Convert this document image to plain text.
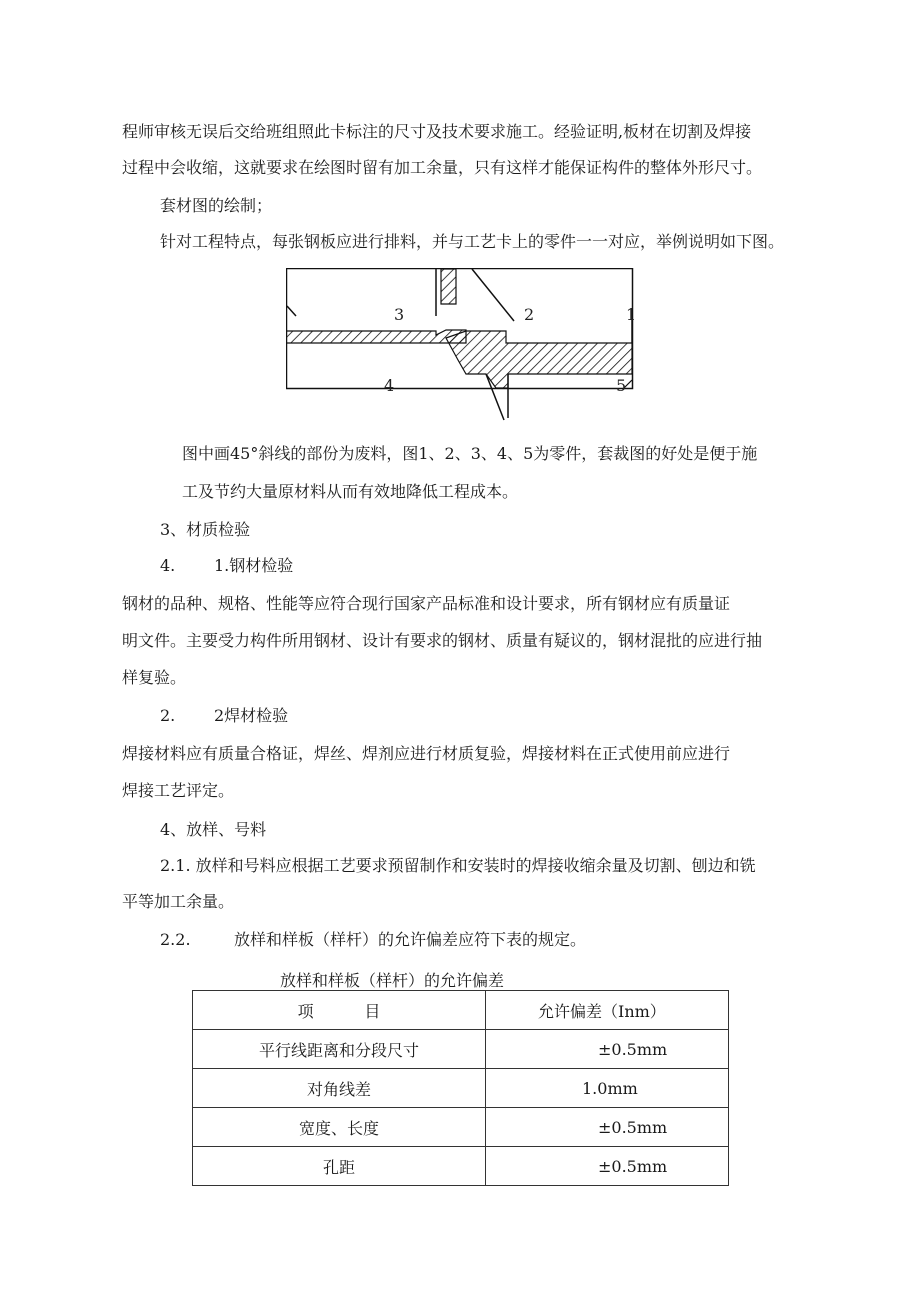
程师审核无误后交给班组照此卡标注的尺寸及技术要求施工。经验证明,板材在切割及焊接
过程中会收缩，这就要求在绘图时留有加工余量，只有这样才能保证构件的整体外形尺寸。
套材图的绘制；
针对工程特点，每张钢板应进行排料，并与工艺卡上的零件一一对应，举例说明如下图。
3	2	1
4	5
图中画45°斜线的部份为废料，图1、2、3、4、5为零件，套裁图的好处是便于施
工及节约大量原材料从而有效地降低工程成本。
3、材质检验
4. 1.钢材检验
钢材的品种、规格、性能等应符合现行国家产品标准和设计要求，所有钢材应有质量证
明文件。主要受力构件所用钢材、设计有要求的钢材、质量有疑议的，钢材混批的应进行抽
样复验。
2. 2焊材检验
焊接材料应有质量合格证，焊丝、焊剂应进行材质复验，焊接材料在正式使用前应进行
焊接工艺评定。
4、放样、号料
2.1. 放样和号料应根据工艺要求预留制作和安装时的焊接收缩余量及切割、刨边和铣
平等加工余量。
2.2.	放样和样板（样杆）的允许偏差应符下表的规定。
放样和样板（样杆）的允许偏差
项          目	允许偏差（Inm）
平行线距离和分段尺寸	±0.5mm
对角线差	1.0mm
宽度、长度	±0.5mm
孔距	±0.5mm
